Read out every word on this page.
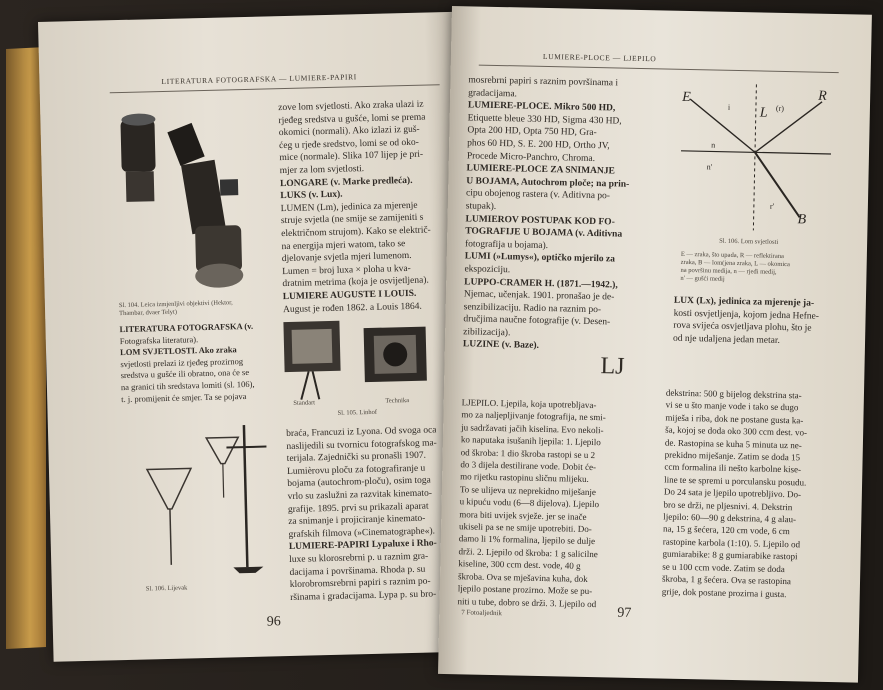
LITERATURA FOTOGRAFSKA — LUMIERE-PAPIRI
Sl. 104. Leica izmjenljivi objektivi (Hektor,
Thambar, dvaer Telyt)
zove lom svjetlosti. Ako zraka ulazi iz
rjeđeg sredstva u gušće, lomi se prema
okomici (normali). Ako izlazi iz guš-
ćeg u rjeđe sredstvo, lomi se od oko-
mice (normale). Slika 107 lijep je pri-
mjer za lom svjetlosti.
LONGARE (v. Marke predleća).
LUKS (v. Lux).
LUMEN (Lm), jedinica za mjerenje
struje svjetla (ne smije se zamijeniti s
električnom strujom). Kako se električ-
na energija mjeri watom, tako se
djelovanje svjetla mjeri lumenom.
Lumen = broj luxa × ploha u kva-
dratnim metrima (koja je osvijetljena).
LUMIERE AUGUSTE I LOUIS.
August je rođen 1862. a Louis 1864.
LITERATURA FOTOGRAFSKA (v.
Fotografska literatura).
LOM SVJETLOSTI. Ako zraka
svjetlosti prelazi iz rjeđeg prozirnog
sredstva u gušće ili obratno, ona će se
na granici tih sredstava lomiti (sl. 106),
t. j. promijenit će smjer. Ta se pojava	Standart	Technika
Sl. 105. Linhof
Sl. 106. Lijevak
braća, Francuzi iz Lyona. Od svoga oca
naslijedili su tvornicu fotografskog ma-
terijala. Zajednički su pronašli 1907.
Lumièrovu ploču za fotografiranje u
bojama (autochrom-ploču), osim toga
vrlo su zaslužni za razvitak kinemato-
grafije. 1895. prvi su prikazali aparat
za snimanje i projiciranje kinemato-
grafskih filmova (»Cinematographe«).
LUMIERE-PAPIRI Lypaluxe i Rho-
luxe su klorosrebrni p. u raznim gra-
dacijama i površinama. Rhoda p. su
klorobromsrebrni papiri s raznim po-
ršinama i gradacijama. Lypa p. su bro-
96
LUMIERE-PLOCE — LJEPILO
mosrebrni papiri s raznim površinama i
gradacijama.
LUMIERE-PLOCE. Mikro 500 HD,
Etiquette bleue 330 HD, Sigma 430 HD,
Opta 200 HD, Opta 750 HD, Gra-
phos 60 HD, S. E. 200 HD, Ortho JV,
Procede Micro-Panchro, Chroma.
LUMIERE-PLOCE ZA SNIMANJE
U BOJAMA, Autochrom ploče; na prin-
cipu obojenog rastera (v. Aditivna po-
stupak).
LUMIEROV POSTUPAK KOD FO-
TOGRAFIJE U BOJAMA (v. Aditivna
fotografija u bojama).
LUMI (»Lumys«), optičko mjerilo za
ekspoziciju.
LUPPO-CRAMER H. (1871.—1942.),
Njemac, učenjak. 1901. pronašao je de-
senzibilizaciju. Radio na raznim po-
dručjima naučne fotografije (v. Desen-
zibilizacija).
LUZINE (v. Baze).
E
L
R
B
i	(r)
n
n'
r'
Sl. 106. Lom svjetlosti
E — zraka, što upada, R — reflektirana
zraka, B — lom(jena zraka, L — okomica
na površinu medija, n — rjeđi medij,
n' — gušći medij
LUX (Lx), jedinica za mjerenje ja-
kosti osvjetljenja, kojom jedna Hefne-
rova svijeća osvjetljava plohu, što je
od nje udaljena jedan metar.
LJ
LJEPILO. Ljepila, koja upotrebljava-
mo za naljepljivanje fotografija, ne smi-
ju sadržavati jačih kiselina. Evo nekoli-
ko naputaka isušanih ljepila: 1. Ljepilo
od škroba: 1 dio škroba rastopi se u 2
do 3 dijela destilirane vode. Dobit će-
mo rijetku rastopinu sličnu mlijeku.
To se ulijeva uz neprekidno miješanje
u kipuću vodu (6—8 dijelova). Ljepilo
mora biti uvijek svježe. jer se inače
ukiseli pa se ne smije upotrebiti. Do-
damo li 1% formalina, ljepilo se dulje
drži. 2. Ljepilo od škroba: 1 g salicilne
kiseline, 300 ccm dest. vode, 40 g
škroba. Ova se mješavina kuha, dok
ljepilo postane prozirno. Može se pu-
niti u tube, dobro se drži. 3. Ljepilo od
dekstrina: 500 g bijelog dekstrina sta-
vi se u što manje vode i tako se dugo
miješa i riba, dok ne postane gusta ka-
ša, kojoj se doda oko 300 ccm dest. vo-
de. Rastopina se kuha 5 minuta uz ne-
prekidno miješanje. Zatim se doda 15
ccm formalina ili nešto karbolne kise-
line te se spremi u porculansku posudu.
Do 24 sata je ljepilo upotrebljivo. Do-
bro se drži, ne pljesnivi. 4. Dekstrin
ljepilo: 60—90 g dekstrina, 4 g alau-
na, 15 g šećera, 120 cm vode, 6 cm
rastopine karbola (1:10). 5. Ljepilo od
gumiarabike: 8 g gumiarabike rastopi
se u 100 ccm vode. Zatim se doda
škroba, 1 g šećera. Ova se rastopina
grije, dok postane prozirna i gusta.
7 Fotoaljednik	97
